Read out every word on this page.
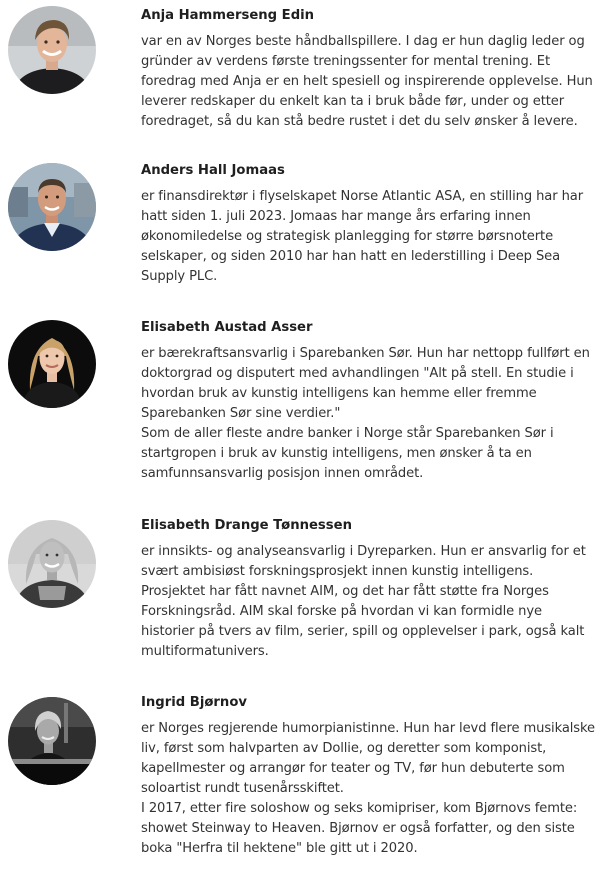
Anja Hammerseng Edin

var en av Norges beste håndballspillere. I dag er hun daglig leder og

gründer av verdens første treningssenter for mental trening. Et

foredrag med Anja er en helt spesiell og inspirerende opplevelse. Hun

leverer redskaper du enkelt kan ta i bruk både før, under og etter

foredraget, så du kan stå bedre rustet i det du selv ønsker å levere.

Anders Hall Jomaas

er finansdirektør i flyselskapet Norse Atlantic ASA, en stilling har har

hatt siden 1. juli 2023. Jomaas har mange års erfaring innen

økonomiledelse og strategisk planlegging for større børsnoterte

selskaper, og siden 2010 har han hatt en lederstilling i Deep Sea

Supply PLC.

Elisabeth Austad Asser

er bærekraftsansvarlig i Sparebanken Sør. Hun har nettopp fullført en

doktorgrad og disputert med avhandlingen "Alt på stell. En studie i

hvordan bruk av kunstig intelligens kan hemme eller fremme

Sparebanken Sør sine verdier."

Som de aller fleste andre banker i Norge står Sparebanken Sør i

startgropen i bruk av kunstig intelligens, men ønsker å ta en

samfunnsansvarlig posisjon innen området.

Elisabeth Drange Tønnessen

er innsikts- og analyseansvarlig i Dyreparken. Hun er ansvarlig for et

svært ambisiøst forskningsprosjekt innen kunstig intelligens.

Prosjektet har fått navnet AIM, og det har fått støtte fra Norges

Forskningsråd. AIM skal forske på hvordan vi kan formidle nye

historier på tvers av film, serier, spill og opplevelser i park, også kalt

multiformatunivers.

Ingrid Bjørnov

er Norges regjerende humorpianistinne. Hun har levd flere musikalske

liv, først som halvparten av Dollie, og deretter som komponist,

kapellmester og arrangør for teater og TV, før hun debuterte som

soloartist rundt tusenårsskiftet.

I 2017, etter fire soloshow og seks komipriser, kom Bjørnovs femte:

showet Steinway to Heaven. Bjørnov er også forfatter, og den siste

boka "Herfra til hektene" ble gitt ut i 2020.
